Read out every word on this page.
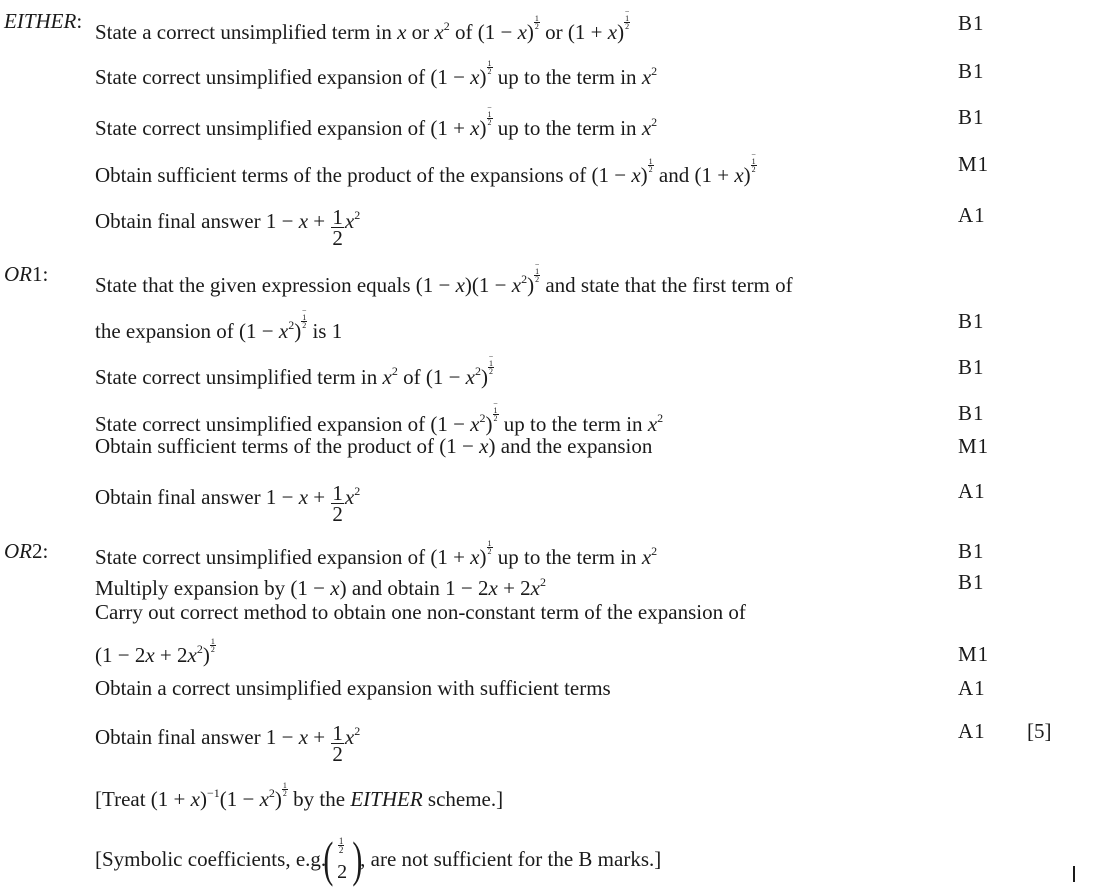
EITHER: State a correct unsimplified term in x or $x^2$ of (1 − x) $^{\frac{1}{2}}$ or (1 + x)
$^{- 1 2}$	B1
State correct unsimplified expansion of (1 − x) $^{\frac{1}{2}}$ up to the term in $x^2$	B1
State correct unsimplified expansion of (1 + x)
$^{- 1 2}$
up to the term in $x^2$	B1
Obtain sufficient terms of the product of the expansions of (1 − x) $^{\frac{1}{2}}$ and (1 + x)
$^{- 1 2}$	M1
Obtain final answer $1 - x + \frac{1}{2} x^2$	A1
OR1: State that the given expression equals $(1 - x)(1 - x^2)$
$^{- 1 2}$
and state that the first term of
the expansion of $(1 - x^2)$
$^{- 1 2}$
is 1	B1
State correct unsimplified term in $x^2$ of $(1 - x^2)$
$^{- 1 2}$	B1
State correct unsimplified expansion of $(1 - x^2)$
$^{- 1 2}$
up to the term in $x^2$	B1
Obtain sufficient terms of the product of (1 − x) and the expansion	M1
Obtain final answer $1 - x + \frac{1}{2} x^2$	A1
OR2: State correct unsimplified expansion of (1 + x) $^{\frac{1}{2}}$ up to the term in $x^2$	B1
Multiply expansion by (1 − x) and obtain $1 - 2x + 2x^2$	B1
Carry out correct method to obtain one non-constant term of the expansion of
$(1 - 2x + 2x^2)$ $^{\frac{1}{2}}$	M1
Obtain a correct unsimplified expansion with sufficient terms	A1
Obtain final answer $1 - x + \frac{1}{2} x^2$	A1 [5]
[Treat $(1 + x)^{-1}(1 - x^2)$ $^{\frac{1}{2}}$ by the EITHER scheme.]
[Symbolic coefficients, e.g.
( 1
2
2 )
, are not sufficient for the B marks.]
